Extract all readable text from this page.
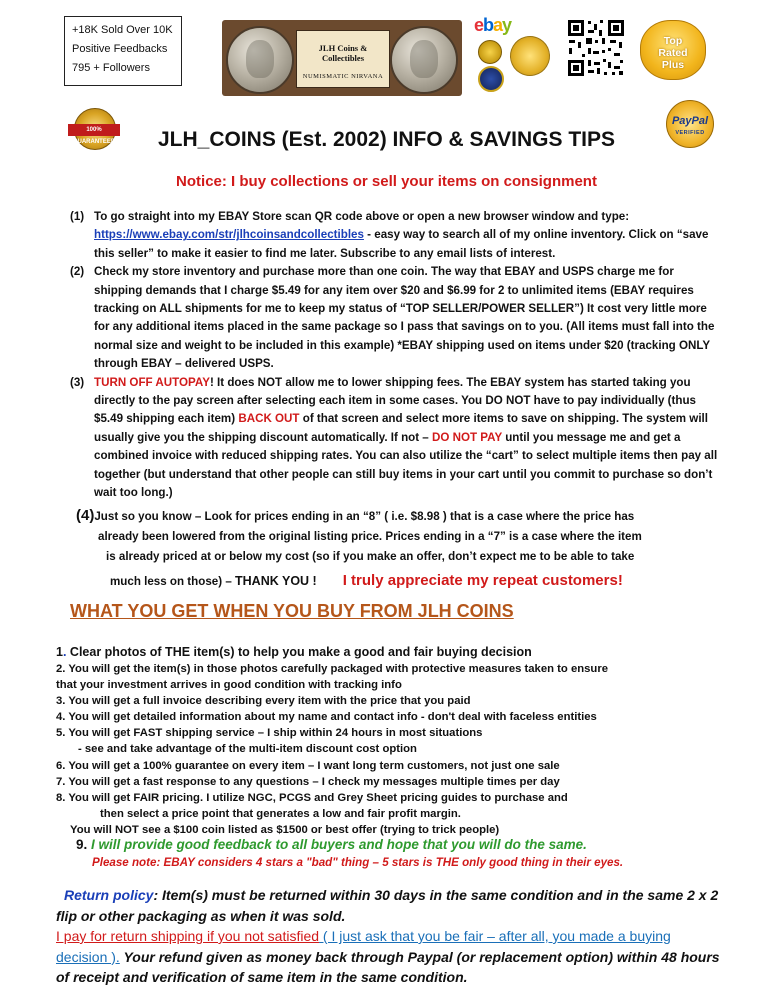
+18K Sold Over 10K
Positive Feedbacks
795 + Followers
JLH Coins & Collectibles
NUMISMATIC NIRVANA
ebay
Top
Rated
Plus
100% GUARANTEED
PayPal
VERIFIED
JLH_COINS (Est. 2002) INFO & SAVINGS TIPS
Notice: I buy collections or sell your items on consignment
(1) To go straight into my EBAY Store scan QR code above or open a new browser window and type: https://www.ebay.com/str/jlhcoinsandcollectibles - easy way to search all of my online inventory. Click on “save this seller” to make it easier to find me later. Subscribe to any email lists of interest.
(2) Check my store inventory and purchase more than one coin. The way that EBAY and USPS charge me for shipping demands that I charge $5.49 for any item over $20 and $6.99 for 2 to unlimited items (EBAY requires tracking on ALL shipments for me to keep my status of “TOP SELLER/POWER SELLER”) It cost very little more for any additional items placed in the same package so I pass that savings on to you. (All items must fall into the normal size and weight to be included in this example) *EBAY shipping used on items under $20 (tracking ONLY through EBAY – delivered USPS.
(3) TURN OFF AUTOPAY! It does NOT allow me to lower shipping fees. The EBAY system has started taking you directly to the pay screen after selecting each item in some cases. You DO NOT have to pay individually (thus $5.49 shipping each item) BACK OUT of that screen and select more items to save on shipping. The system will usually give you the shipping discount automatically. If not – DO NOT PAY until you message me and get a combined invoice with reduced shipping rates. You can also utilize the “cart” to select multiple items then pay all together (but understand that other people can still buy items in your cart until you commit to purchase so don’t wait too long.)
(4)Just so you know – Look for prices ending in an “8” ( i.e. $8.98 ) that is a case where the price has
already been lowered from the original listing price. Prices ending in a “7” is a case where the item
is already priced at or below my cost (so if you make an offer, don’t expect me to be able to take
much less on those) – THANK YOU ! I truly appreciate my repeat customers!
WHAT YOU GET WHEN YOU BUY FROM JLH COINS
1. Clear photos of THE item(s) to help you make a good and fair buying decision
2. You will get the item(s) in those photos carefully packaged with protective measures taken to ensure
that your investment arrives in good condition with tracking info
3. You will get a full invoice describing every item with the price that you paid
4. You will get detailed information about my name and contact info - don't deal with faceless entities
5. You will get FAST shipping service – I ship within 24 hours in most situations
- see and take advantage of the multi-item discount cost option
6. You will get a 100% guarantee on every item – I want long term customers, not just one sale
7. You will get a fast response to any questions – I check my messages multiple times per day
8. You will get FAIR pricing. I utilize NGC, PCGS and Grey Sheet pricing guides to purchase and
then select a price point that generates a low and fair profit margin.
You will NOT see a $100 coin listed as $1500 or best offer (trying to trick people)
9. I will provide good feedback to all buyers and hope that you will do the same.
Please note: EBAY considers 4 stars a "bad" thing – 5 stars is THE only good thing in their eyes.
Return policy: Item(s) must be returned within 30 days in the same condition and in the same 2 x 2 flip or other packaging as when it was sold.
I pay for return shipping if you not satisfied ( I just ask that you be fair – after all, you made a buying decision ). Your refund given as money back through Paypal (or replacement option) within 48 hours of receipt and verification of same item in the same condition.
